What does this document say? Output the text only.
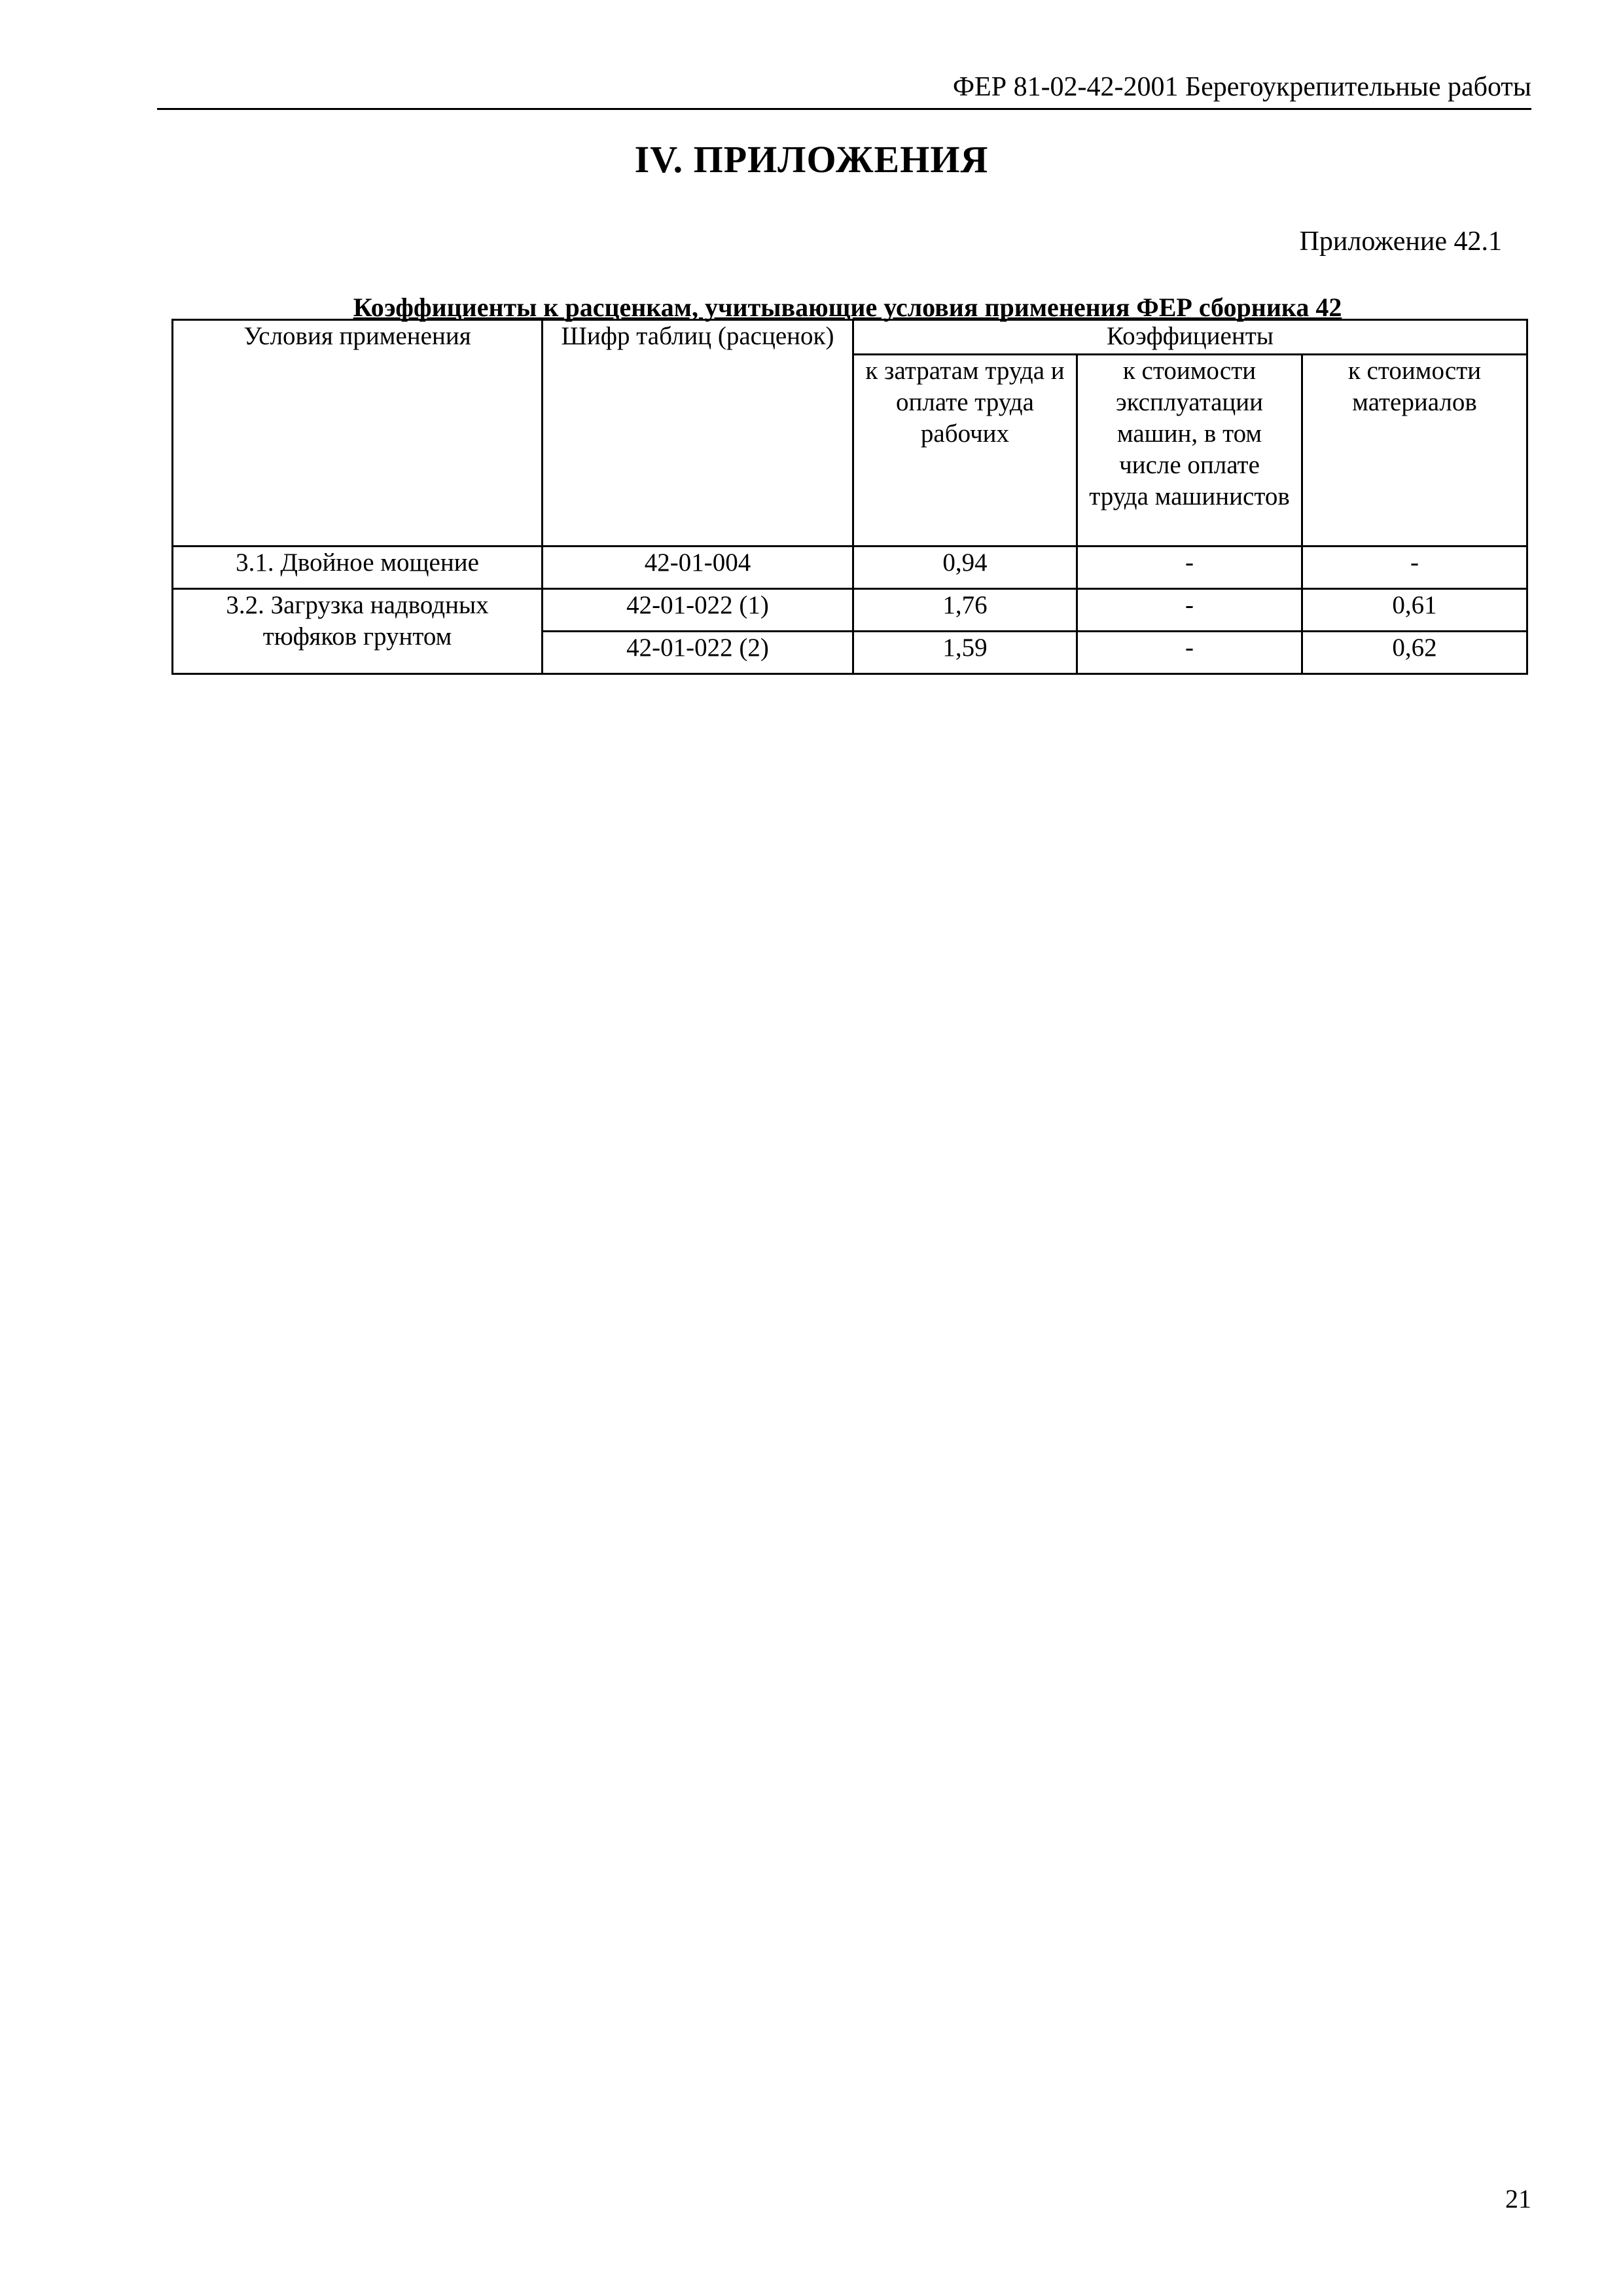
ФЕР 81-02-42-2001 Берегоукрепительные работы
IV. ПРИЛОЖЕНИЯ
Приложение 42.1
Коэффициенты к расценкам, учитывающие условия применения ФЕР сборника 42
Условия применения	Шифр таблиц (расценок)	Коэффициенты		
		к затратам труда и оплате труда рабочих	к стоимости эксплуатации машин, в том числе оплате труда машинистов	к стоимости материалов
3.1. Двойное мощение	42-01-004	0,94	-	-
3.2. Загрузка надводных тюфяков грунтом	42-01-022 (1)	1,76	-	0,61
	42-01-022 (2)	1,59	-	0,62
21
